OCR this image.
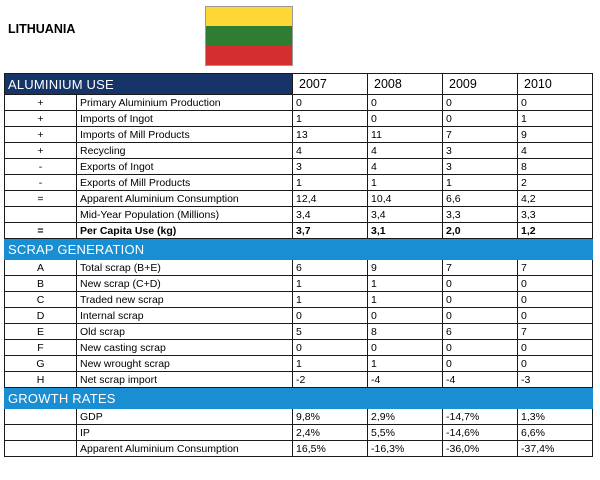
LITHUANIA
ALUMINIUM USE		2007	2008	2009	2010
+	Primary Aluminium Production	0	0	0	0
+	Imports of Ingot	1	0	0	1
+	Imports of Mill Products	13	11	7	9
+	Recycling	4	4	3	4
-	Exports of Ingot	3	4	3	8
-	Exports of Mill Products	1	1	1	2
=	Apparent Aluminium Consumption	12,4	10,4	6,6	4,2
	Mid-Year Population (Millions)	3,4	3,4	3,3	3,3
=	Per Capita Use (kg)	3,7	3,1	2,0	1,2
SCRAP GENERATION					
A	Total scrap (B+E)	6	9	7	7
B	New scrap (C+D)	1	1	0	0
C	Traded new scrap	1	1	0	0
D	Internal scrap	0	0	0	0
E	Old scrap	5	8	6	7
F	New casting scrap	0	0	0	0
G	New wrought scrap	1	1	0	0
H	Net scrap import	-2	-4	-4	-3
GROWTH RATES					
	GDP	9,8%	2,9%	-14,7%	1,3%
	IP	2,4%	5,5%	-14,6%	6,6%
	Apparent Aluminium Consumption	16,5%	-16,3%	-36,0%	-37,4%
